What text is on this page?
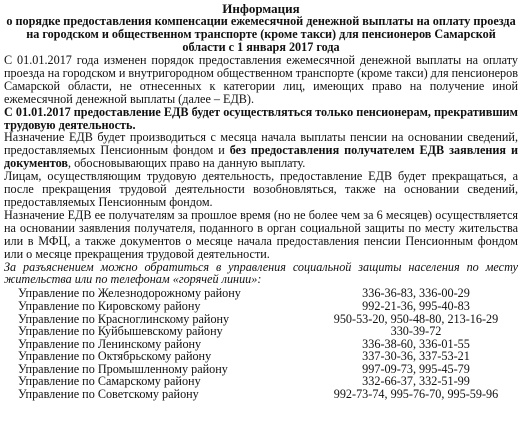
Информация
о порядке предоставления компенсации ежемесячной денежной выплаты на оплату проезда на городском и общественном транспорте (кроме такси) для пенсионеров Самарской области с 1 января 2017 года

С 01.01.2017 года изменен порядок предоставления ежемесячной денежной выплаты на оплату проезда на городском и внутригородном общественном транспорте (кроме такси) для пенсионеров Самарской области, не отнесенных к категории лиц, имеющих право на получение иной ежемесячной денежной выплаты (далее – ЕДВ).

С 01.01.2017 предоставление ЕДВ будет осуществляться только пенсионерам, прекратившим трудовую деятельность.

Назначение ЕДВ будет производиться с месяца начала выплаты пенсии на основании сведений, предоставляемых Пенсионным фондом и без предоставления получателем ЕДВ заявления и документов, обосновывающих право на данную выплату.

Лицам, осуществляющим трудовую деятельность, предоставление ЕДВ будет прекращаться, а после прекращения трудовой деятельности возобновляться, также на основании сведений, предоставляемых Пенсионным фондом.

Назначение ЕДВ ее получателям за прошлое время (но не более чем за 6 месяцев) осуществляется на основании заявления получателя, поданного в орган социальной защиты по месту жительства или в МФЦ, а также документов о месяце начала предоставления пенсии Пенсионным фондом или о месяце прекращения трудовой деятельности.

За разъяснением можно обратиться в управления социальной защиты населения по месту жительства или по телефонам «горячей линии»:

Управление по Железнодорожному району	336-36-83, 336-00-29
Управление по Кировскому району	992-21-36, 995-40-83
Управление по Красноглинскому району	950-53-20, 950-48-80, 213-16-29
Управление по Куйбышевскому району	330-39-72
Управление по Ленинскому району	336-38-60, 336-01-55
Управление по Октябрьскому району	337-30-36, 337-53-21
Управление по Промышленному району	997-09-73, 995-45-79
Управление по Самарскому району	332-66-37, 332-51-99
Управление по Советскому району	992-73-74, 995-76-70, 995-59-96
